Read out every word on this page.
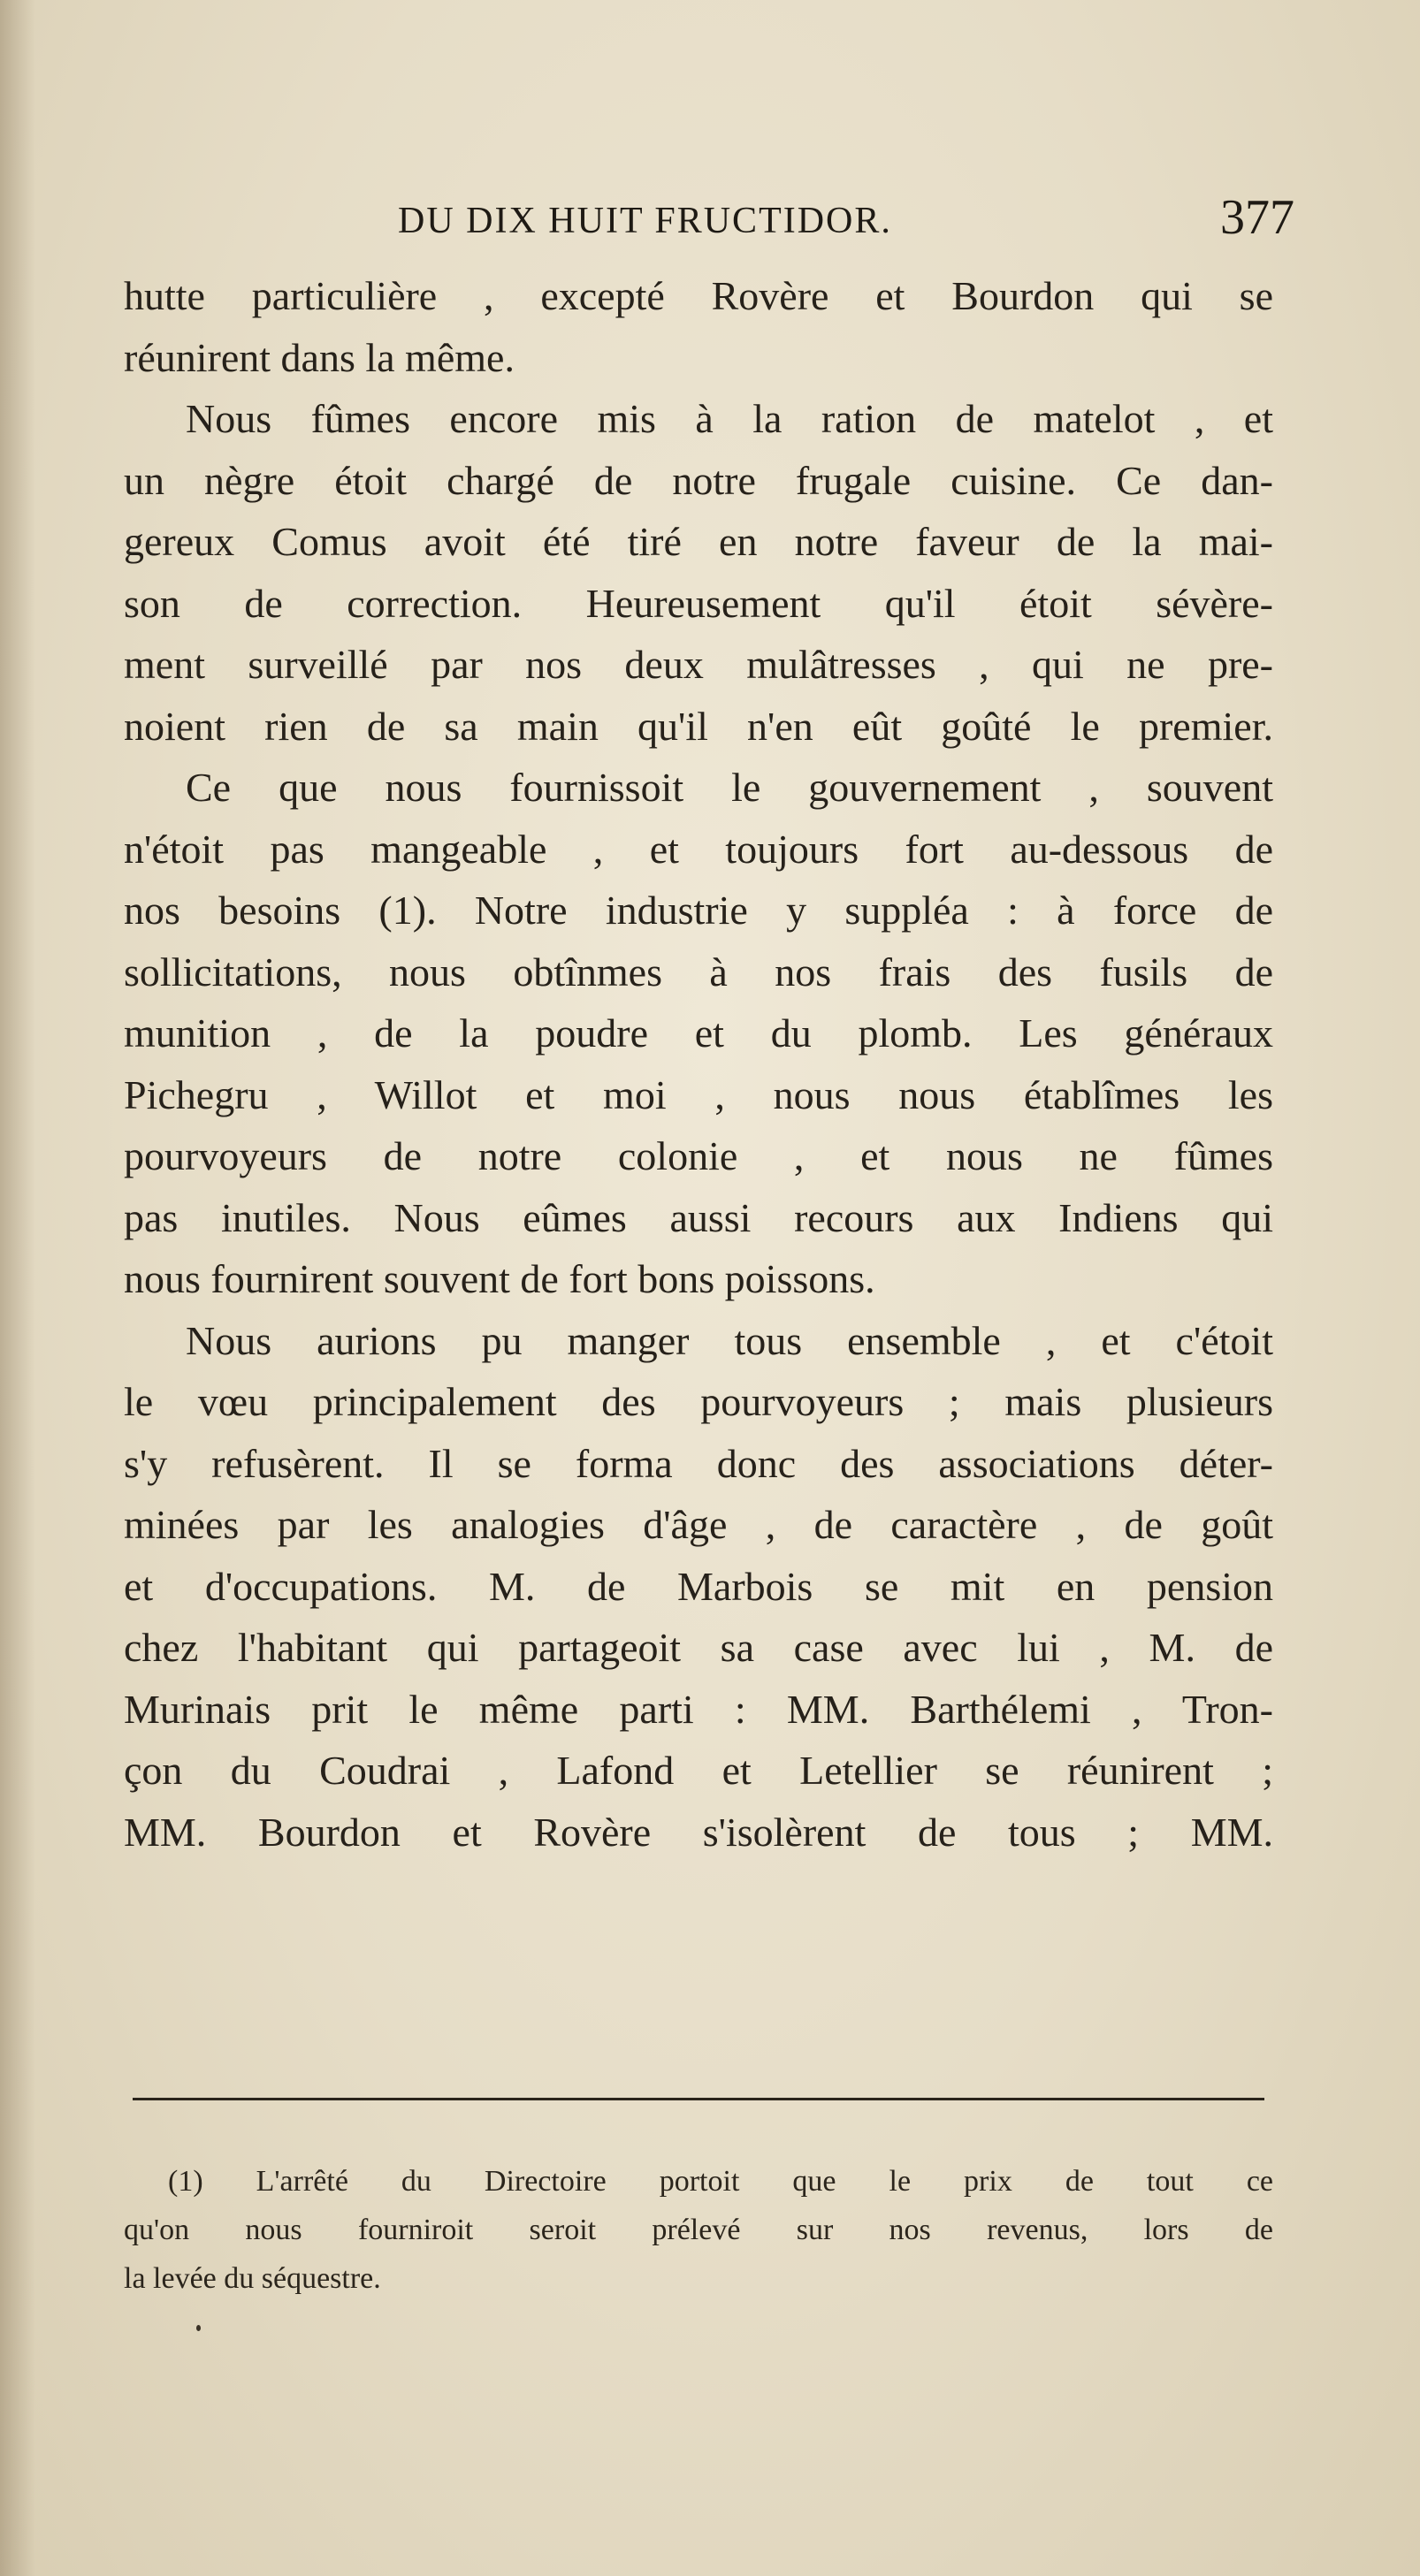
DU DIX HUIT FRUCTIDOR.	377
hutte particulière , excepté Rovère et Bourdon qui se
réunirent dans la même.
Nous fûmes encore mis à la ration de matelot , et
un nègre étoit chargé de notre frugale cuisine. Ce dan-
gereux Comus avoit été tiré en notre faveur de la mai-
son de correction. Heureusement qu'il étoit sévère-
ment surveillé par nos deux mulâtresses , qui ne pre-
noient rien de sa main qu'il n'en eût goûté le premier.
Ce que nous fournissoit le gouvernement , souvent
n'étoit pas mangeable , et toujours fort au-dessous de
nos besoins (1). Notre industrie y suppléa : à force de
sollicitations, nous obtînmes à nos frais des fusils de
munition , de la poudre et du plomb. Les généraux
Pichegru , Willot et moi , nous nous établîmes les
pourvoyeurs de notre colonie , et nous ne fûmes
pas inutiles. Nous eûmes aussi recours aux Indiens qui
nous fournirent souvent de fort bons poissons.
Nous aurions pu manger tous ensemble , et c'étoit
le vœu principalement des pourvoyeurs ; mais plusieurs
s'y refusèrent. Il se forma donc des associations déter-
minées par les analogies d'âge , de caractère , de goût
et d'occupations. M. de Marbois se mit en pension
chez l'habitant qui partageoit sa case avec lui , M. de
Murinais prit le même parti : MM. Barthélemi , Tron-
çon du Coudrai , Lafond et Letellier se réunirent ;
MM. Bourdon et Rovère s'isolèrent de tous ; MM.
(1) L'arrêté du Directoire portoit que le prix de tout ce
qu'on nous fourniroit seroit prélevé sur nos revenus, lors de
la levée du séquestre.
